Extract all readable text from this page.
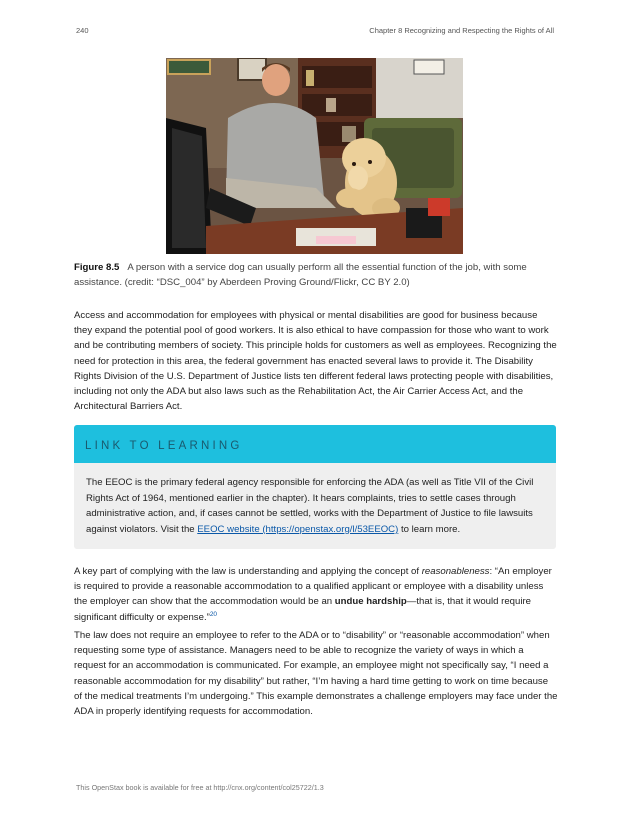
240	Chapter 8 Recognizing and Respecting the Rights of All
Figure 8.5 A person with a service dog can usually perform all the essential function of the job, with some assistance. (credit: “DSC_004” by Aberdeen Proving Ground/Flickr, CC BY 2.0)

Access and accommodation for employees with physical or mental disabilities are good for business because they expand the potential pool of good workers. It is also ethical to have compassion for those who want to work and be contributing members of society. This principle holds for customers as well as employees. Recognizing the need for protection in this area, the federal government has enacted several laws to provide it. The Disability Rights Division of the U.S. Department of Justice lists ten different federal laws protecting people with disabilities, including not only the ADA but also laws such as the Rehabilitation Act, the Air Carrier Access Act, and the Architectural Barriers Act.

LINK TO LEARNING
The EEOC is the primary federal agency responsible for enforcing the ADA (as well as Title VII of the Civil Rights Act of 1964, mentioned earlier in the chapter). It hears complaints, tries to settle cases through administrative action, and, if cases cannot be settled, works with the Department of Justice to file lawsuits against violators. Visit the EEOC website (https://openstax.org/l/53EEOC) to learn more.

A key part of complying with the law is understanding and applying the concept of reasonableness: “An employer is required to provide a reasonable accommodation to a qualified applicant or employee with a disability unless the employer can show that the accommodation would be an undue hardship—that is, that it would require significant difficulty or expense.”$^{20}$

The law does not require an employee to refer to the ADA or to “disability” or “reasonable accommodation” when requesting some type of assistance. Managers need to be able to recognize the variety of ways in which a request for an accommodation is communicated. For example, an employee might not specifically say, “I need a reasonable accommodation for my disability” but rather, “I’m having a hard time getting to work on time because of the medical treatments I’m undergoing.” This example demonstrates a challenge employers may face under the ADA in properly identifying requests for accommodation.

This OpenStax book is available for free at http://cnx.org/content/col25722/1.3
